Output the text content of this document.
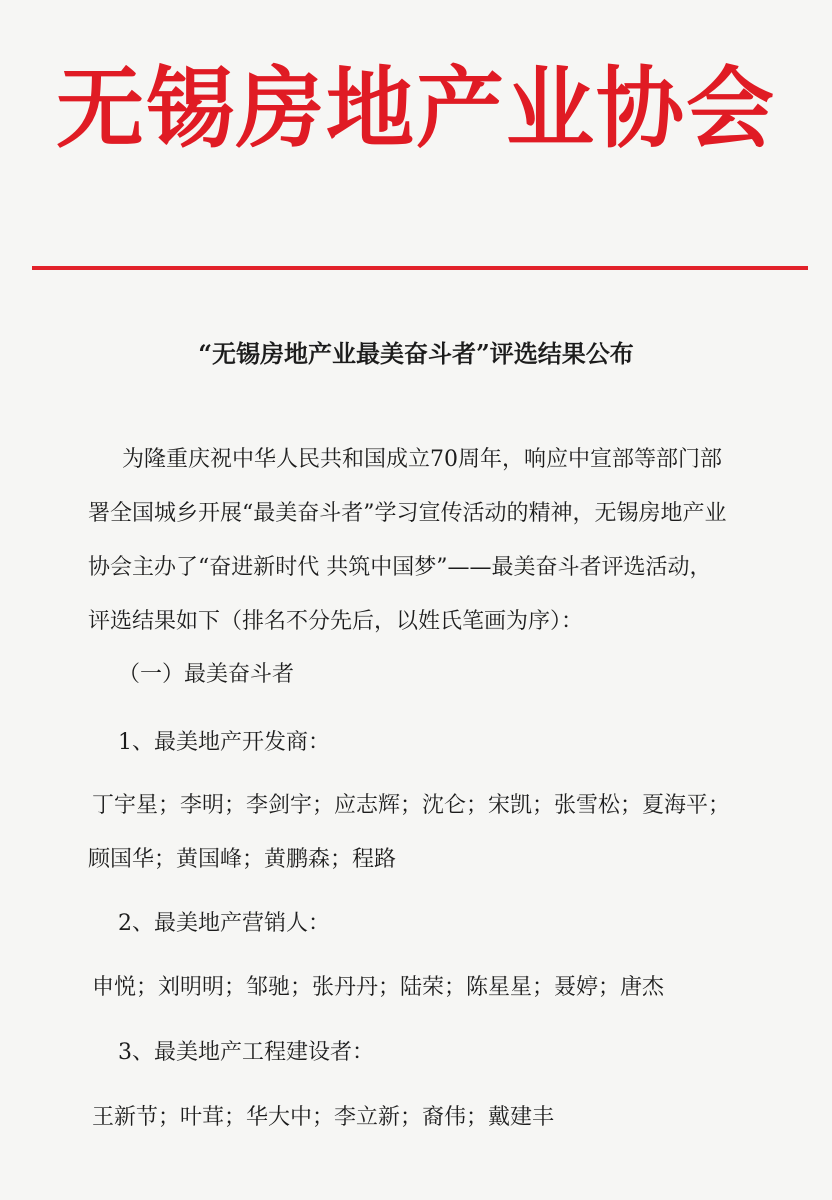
无锡房地产业协会
“无锡房地产业最美奋斗者”评选结果公布
为隆重庆祝中华人民共和国成立70周年，响应中宣部等部门部
署全国城乡开展“最美奋斗者”学习宣传活动的精神，无锡房地产业
协会主办了“奋进新时代 共筑中国梦”——最美奋斗者评选活动，
评选结果如下（排名不分先后，以姓氏笔画为序）：
（一）最美奋斗者
1、最美地产开发商：
丁宇星；李明；李剑宇；应志辉；沈仑；宋凯；张雪松；夏海平；
顾国华；黄国峰；黄鹏森；程路
2、最美地产营销人：
申悦；刘明明；邹驰；张丹丹；陆荣；陈星星；聂婷；唐杰
3、最美地产工程建设者：
王新节；叶茸；华大中；李立新；裔伟；戴建丰
